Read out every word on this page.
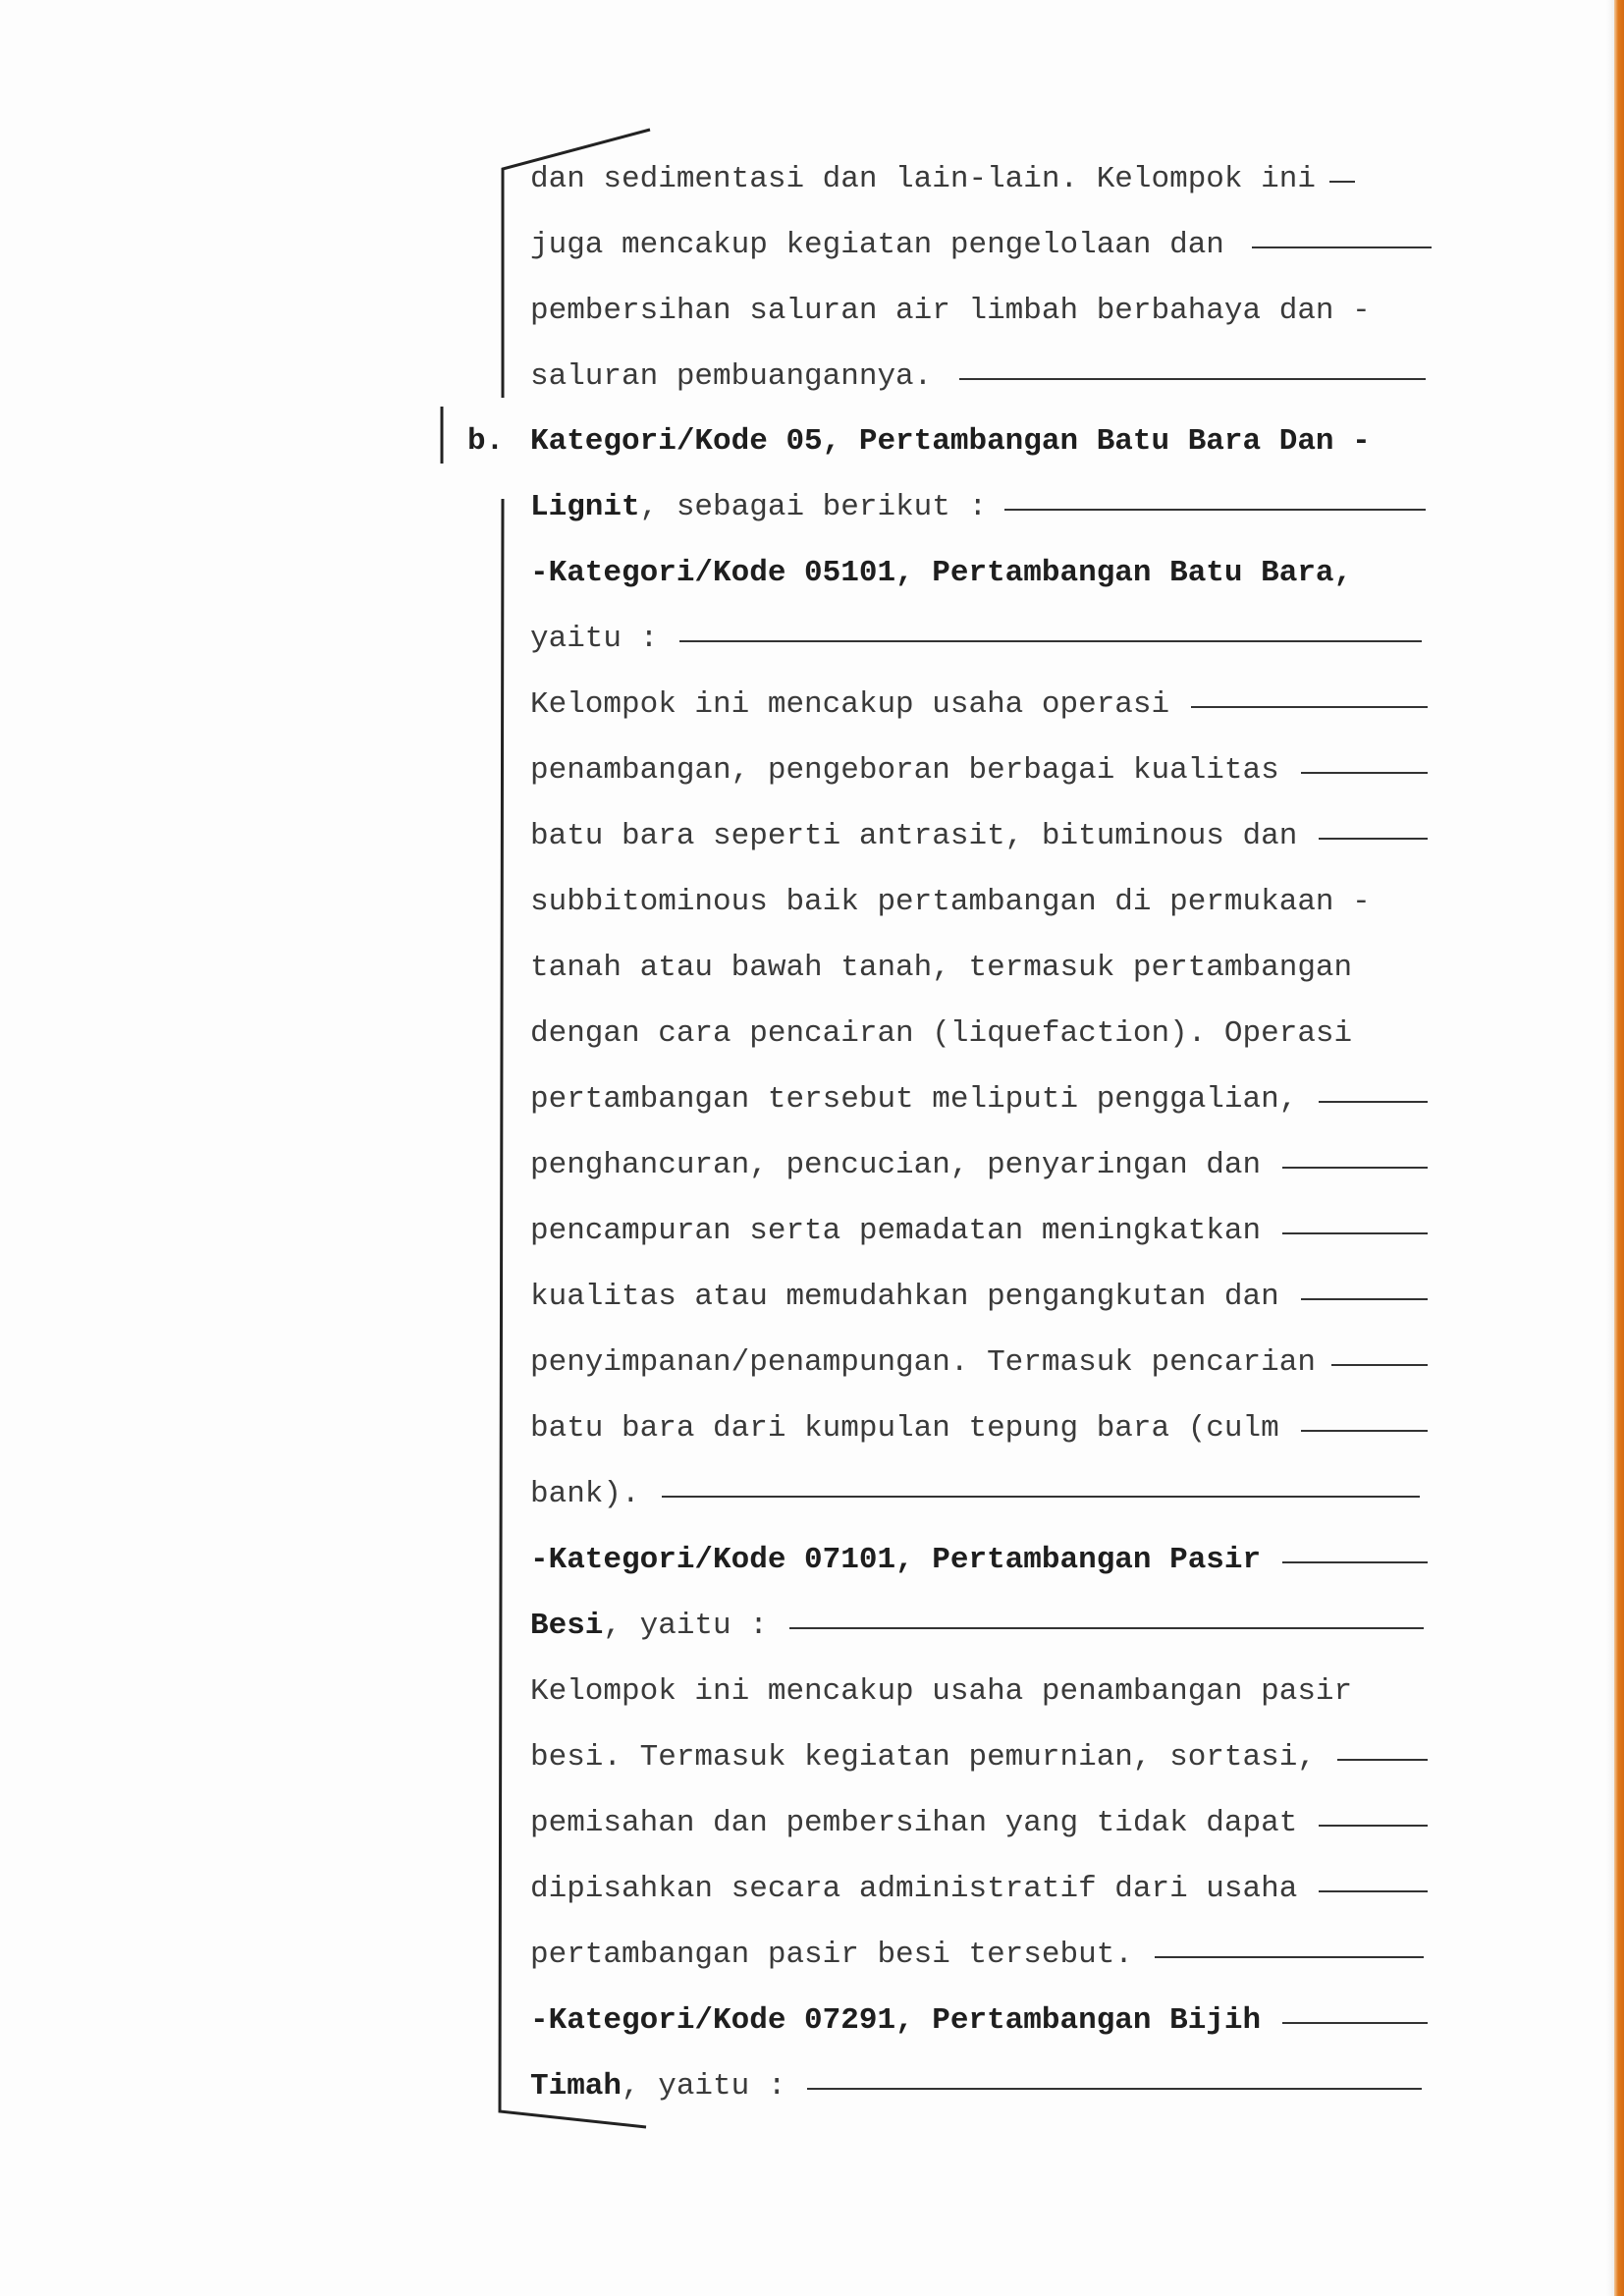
dan sedimentasi dan lain-lain. Kelompok ini
juga mencakup kegiatan pengelolaan dan
pembersihan saluran air limbah berbahaya dan -
saluran pembuangannya.
b. Kategori/Kode 05, Pertambangan Batu Bara Dan -
Lignit , sebagai berikut :
-Kategori/Kode 05101, Pertambangan Batu Bara,
yaitu :
Kelompok ini mencakup usaha operasi
penambangan, pengeboran berbagai kualitas
batu bara seperti antrasit, bituminous dan
subbitominous baik pertambangan di permukaan -
tanah atau bawah tanah, termasuk pertambangan
dengan cara pencairan (liquefaction). Operasi
pertambangan tersebut meliputi penggalian,
penghancuran, pencucian, penyaringan dan
pencampuran serta pemadatan meningkatkan
kualitas atau memudahkan pengangkutan dan
penyimpanan/penampungan. Termasuk pencarian
batu bara dari kumpulan tepung bara (culm
bank).
-Kategori/Kode 07101, Pertambangan Pasir
Besi , yaitu :
Kelompok ini mencakup usaha penambangan pasir
besi. Termasuk kegiatan pemurnian, sortasi,
pemisahan dan pembersihan yang tidak dapat
dipisahkan secara administratif dari usaha
pertambangan pasir besi tersebut.
-Kategori/Kode 07291, Pertambangan Bijih
Timah , yaitu :
